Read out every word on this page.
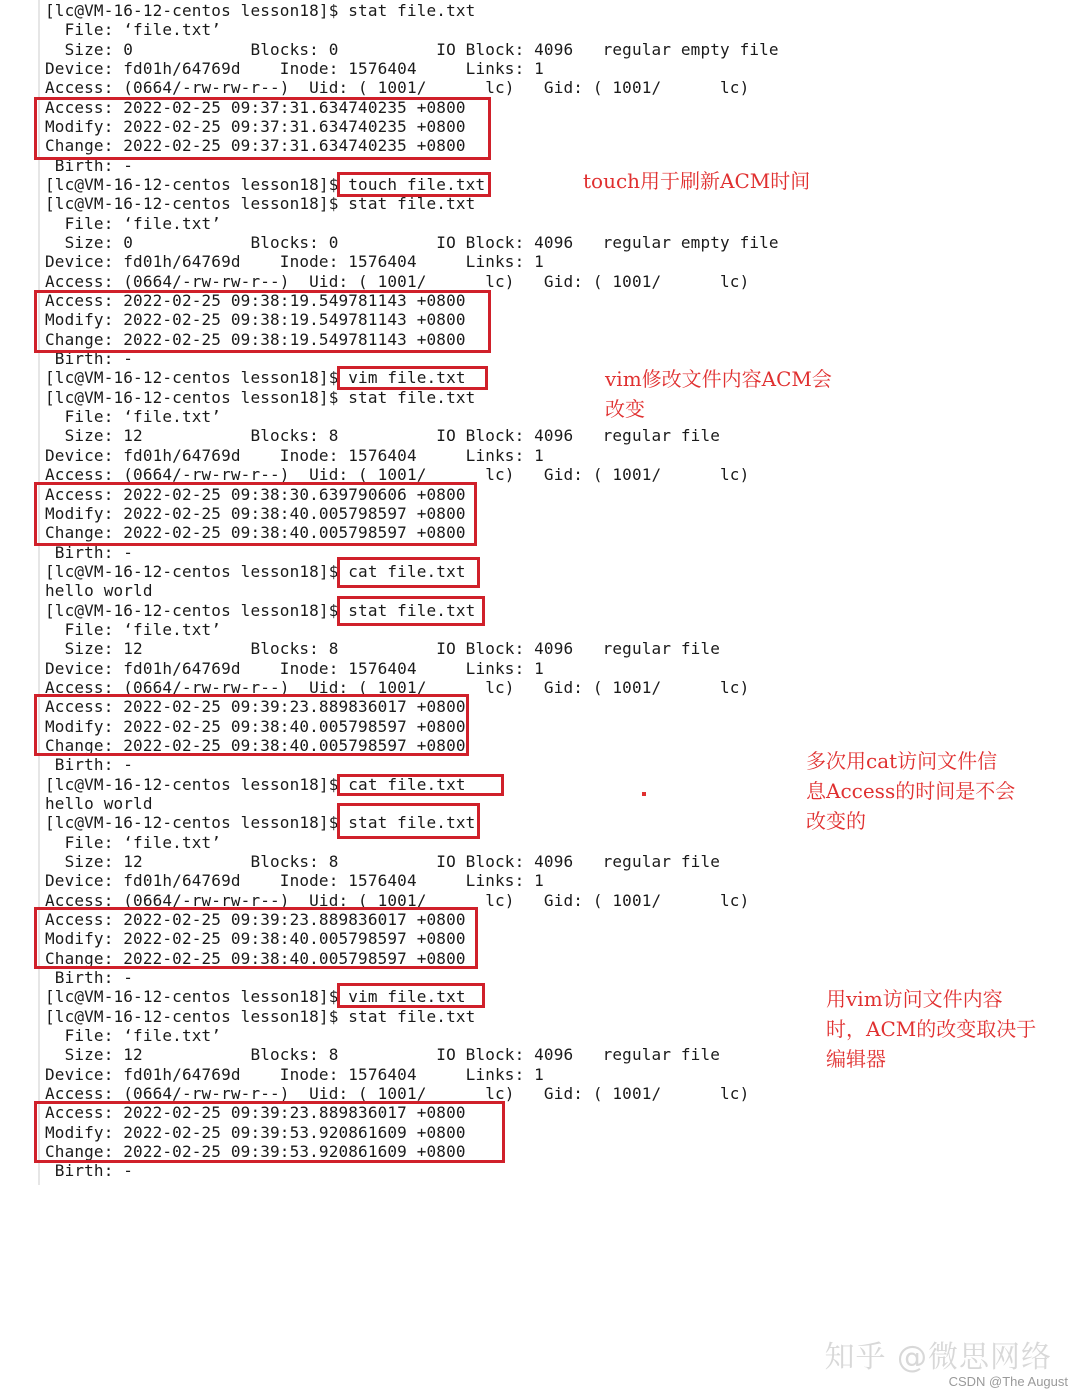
[lc@VM-16-12-centos lesson18]$ stat file.txt
File: ‘file.txt’
Size: 0            Blocks: 0          IO Block: 4096   regular empty file
Device: fd01h/64769d    Inode: 1576404     Links: 1
Access: (0664/-rw-rw-r--)  Uid: ( 1001/      lc)   Gid: ( 1001/      lc)
Access: 2022-02-25 09:37:31.634740235 +0800
Modify: 2022-02-25 09:37:31.634740235 +0800
Change: 2022-02-25 09:37:31.634740235 +0800
Birth: -
[lc@VM-16-12-centos lesson18]$ touch file.txt
[lc@VM-16-12-centos lesson18]$ stat file.txt
File: ‘file.txt’
Size: 0            Blocks: 0          IO Block: 4096   regular empty file
Device: fd01h/64769d    Inode: 1576404     Links: 1
Access: (0664/-rw-rw-r--)  Uid: ( 1001/      lc)   Gid: ( 1001/      lc)
Access: 2022-02-25 09:38:19.549781143 +0800
Modify: 2022-02-25 09:38:19.549781143 +0800
Change: 2022-02-25 09:38:19.549781143 +0800
Birth: -
[lc@VM-16-12-centos lesson18]$ vim file.txt
[lc@VM-16-12-centos lesson18]$ stat file.txt
File: ‘file.txt’
Size: 12           Blocks: 8          IO Block: 4096   regular file
Device: fd01h/64769d    Inode: 1576404     Links: 1
Access: (0664/-rw-rw-r--)  Uid: ( 1001/      lc)   Gid: ( 1001/      lc)
Access: 2022-02-25 09:38:30.639790606 +0800
Modify: 2022-02-25 09:38:40.005798597 +0800
Change: 2022-02-25 09:38:40.005798597 +0800
Birth: -
[lc@VM-16-12-centos lesson18]$ cat file.txt
hello world
[lc@VM-16-12-centos lesson18]$ stat file.txt
File: ‘file.txt’
Size: 12           Blocks: 8          IO Block: 4096   regular file
Device: fd01h/64769d    Inode: 1576404     Links: 1
Access: (0664/-rw-rw-r--)  Uid: ( 1001/      lc)   Gid: ( 1001/      lc)
Access: 2022-02-25 09:39:23.889836017 +0800
Modify: 2022-02-25 09:38:40.005798597 +0800
Change: 2022-02-25 09:38:40.005798597 +0800
Birth: -
[lc@VM-16-12-centos lesson18]$ cat file.txt
hello world
[lc@VM-16-12-centos lesson18]$ stat file.txt
File: ‘file.txt’
Size: 12           Blocks: 8          IO Block: 4096   regular file
Device: fd01h/64769d    Inode: 1576404     Links: 1
Access: (0664/-rw-rw-r--)  Uid: ( 1001/      lc)   Gid: ( 1001/      lc)
Access: 2022-02-25 09:39:23.889836017 +0800
Modify: 2022-02-25 09:38:40.005798597 +0800
Change: 2022-02-25 09:38:40.005798597 +0800
Birth: -
[lc@VM-16-12-centos lesson18]$ vim file.txt
[lc@VM-16-12-centos lesson18]$ stat file.txt
File: ‘file.txt’
Size: 12           Blocks: 8          IO Block: 4096   regular file
Device: fd01h/64769d    Inode: 1576404     Links: 1
Access: (0664/-rw-rw-r--)  Uid: ( 1001/      lc)   Gid: ( 1001/      lc)
Access: 2022-02-25 09:39:23.889836017 +0800
Modify: 2022-02-25 09:39:53.920861609 +0800
Change: 2022-02-25 09:39:53.920861609 +0800
Birth: -
touch用于刷新ACM时间
vim修改文件内容ACM会
改变
多次用cat访问文件信
息Access的时间是不会
改变的
用vim访问文件内容
时，ACM的改变取决于
编辑器
知乎 @微思网络
CSDN @The August
